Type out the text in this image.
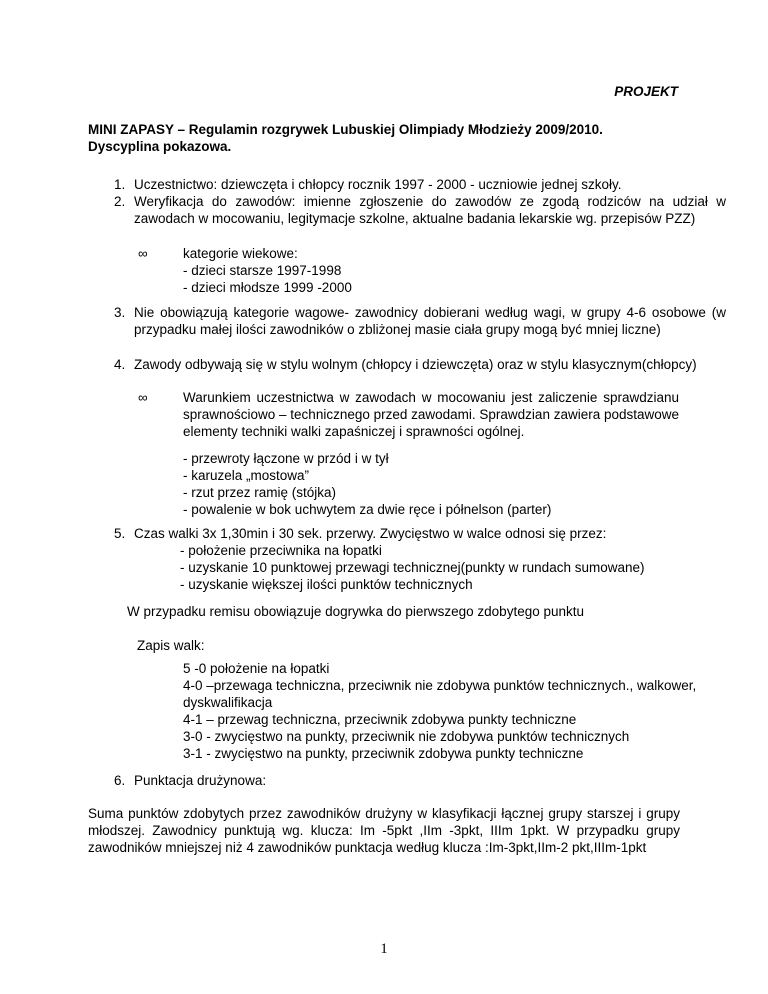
PROJEKT
MINI ZAPASY – Regulamin rozgrywek Lubuskiej Olimpiady Młodzieży 2009/2010.
Dyscyplina pokazowa.
1. Uczestnictwo: dziewczęta i chłopcy rocznik 1997 - 2000 - uczniowie jednej szkoły.
2. Weryfikacja do zawodów: imienne zgłoszenie do zawodów ze zgodą rodziców na udział w
zawodach w mocowaniu, legitymacje szkolne, aktualne badania lekarskie wg. przepisów PZZ)
∞	kategorie wiekowe:
- dzieci starsze 1997-1998
- dzieci młodsze 1999 -2000
3. Nie obowiązują kategorie wagowe- zawodnicy dobierani według wagi, w grupy 4-6 osobowe (w
przypadku małej ilości zawodników o zbliżonej masie ciała grupy mogą być mniej liczne)
4. Zawody odbywają się w stylu wolnym (chłopcy i dziewczęta) oraz w stylu klasycznym(chłopcy)
∞	Warunkiem uczestnictwa w zawodach w mocowaniu jest zaliczenie sprawdzianu
sprawnościowo – technicznego przed zawodami. Sprawdzian zawiera podstawowe
elementy techniki walki zapaśniczej i sprawności ogólnej.
- przewroty łączone w przód i w tył
- karuzela „mostowa”
- rzut przez ramię (stójka)
- powalenie w bok uchwytem za dwie ręce i półnelson (parter)
5. Czas walki 3x 1,30min i 30 sek. przerwy. Zwycięstwo w walce odnosi się przez:
- położenie przeciwnika na łopatki
- uzyskanie 10 punktowej przewagi technicznej(punkty w rundach sumowane)
- uzyskanie większej ilości punktów technicznych
W przypadku remisu obowiązuje dogrywka do pierwszego zdobytego punktu
Zapis walk:
5 -0 położenie na łopatki
4-0 –przewaga techniczna, przeciwnik nie zdobywa punktów technicznych., walkower,
dyskwalifikacja
4-1 – przewag techniczna, przeciwnik zdobywa punkty techniczne
3-0 - zwycięstwo na punkty, przeciwnik nie zdobywa punktów technicznych
3-1 - zwycięstwo na punkty, przeciwnik zdobywa punkty techniczne
6. Punktacja drużynowa:
Suma punktów zdobytych przez zawodników drużyny w klasyfikacji łącznej grupy starszej i grupy
młodszej. Zawodnicy punktują wg. klucza: Im -5pkt ,IIm -3pkt, IIIm 1pkt. W przypadku grupy
zawodników mniejszej niż 4 zawodników punktacja według klucza :Im-3pkt,IIm-2 pkt,IIIm-1pkt
1
